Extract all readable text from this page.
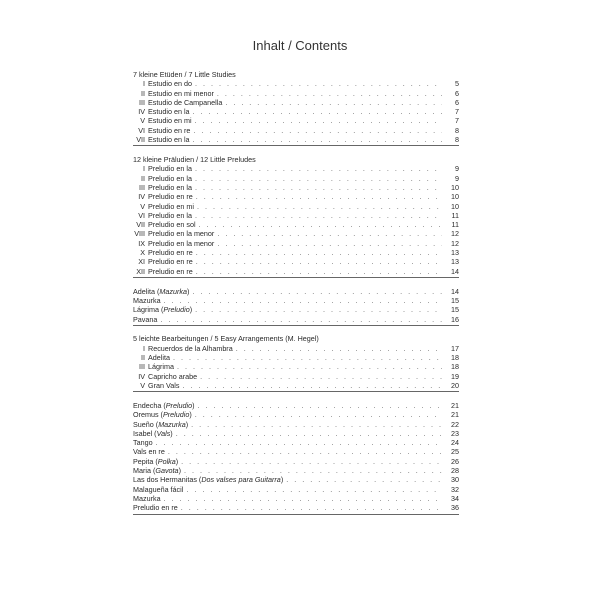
Inhalt / Contents
7 kleine Etüden / 7 Little Studies
I Estudio en do . . .	5
II Estudio en mi menor . . .	6
III Estudio de Campanella . . .	6
IV Estudio en la . . .	7
V Estudio en mi . . .	7
VI Estudio en re . . .	8
VII Estudio en la . . .	8
12 kleine Präludien / 12 Little Preludes
I Preludio en la . . .	9
II Preludio en la . . .	9
III Preludio en la . . .	10
IV Preludio en re . . .	10
V Preludio en mi . . .	10
VI Preludio en la . . .	11
VII Preludio en sol . . .	11
VIII Preludio en la menor . . .	12
IX Preludio en la menor . . .	12
X Preludio en re . . .	13
XI Preludio en re . . .	13
XII Preludio en re . . .	14
Adelita (Mazurka) . . .	14
Mazurka . . .	15
Lágrima (Preludio) . . .	15
Pavana . . .	16
5 leichte Bearbeitungen / 5 Easy Arrangements (M. Hegel)
I Recuerdos de la Alhambra . . .	17
II Adelita . . .	18
III Lágrima . . .	18
IV Capricho arabe . . .	19
V Gran Vals . . .	20
Endecha (Preludio) . . .	21
Oremus (Preludio) . . .	21
Sueño (Mazurka) . . .	22
Isabel (Vals) . . .	23
Tango . . .	24
Vals en re . . .	25
Pepita (Polka) . . .	26
Maria (Gavota) . . .	28
Las dos Hermanitas (Dos valses para Guitarra) . . .	30
Malagueña fácil . . .	32
Mazurka . . .	34
Preludio en re . . .	36
